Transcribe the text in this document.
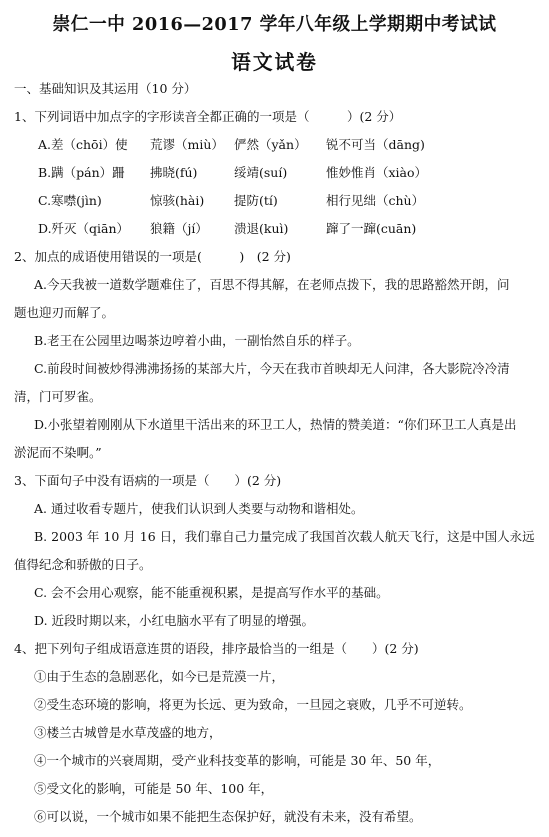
崇仁一中 2016—2017 学年八年级上学期期中考试试
语文试卷
一、基础知识及其运用（10 分）
1、下列词语中加点字的字形读音全都正确的一项是（　　　）(2 分）
A.差（chōi）使 荒谬（miù） 俨然（yǎn） 锐不可当（dāng)
B.蹒（pán）跚 拂晓(fú)	绥靖(suí)	惟妙惟肖（xiào）
C.寒噤(jìn)	惊骇(hài) 提防(tí)	相行见绌（chù）
D.歼灭（qiān） 狼籍（jí） 溃退(kuì)	蹿了一蹿(cuān)
2、加点的成语使用错误的一项是(　　　)　(2 分)
A.今天我被一道数学题难住了，百思不得其解，在老师点拨下，我的思路豁然开朗，问
题也迎刃而解了。
B.老王在公园里边喝茶边哼着小曲，一副怡然自乐的样子。
C.前段时间被炒得沸沸扬扬的某部大片，今天在我市首映却无人问津，各大影院冷冷清
清，门可罗雀。
D.小张望着刚刚从下水道里干活出来的环卫工人，热情的赞美道：“你们环卫工人真是出
淤泥而不染啊。”
3、下面句子中没有语病的一项是（　　）(2 分)
A. 通过收看专题片，使我们认识到人类要与动物和谐相处。
B. 2003 年 10 月 16 日，我们靠自己力量完成了我国首次载人航天飞行，这是中国人永远
值得纪念和骄傲的日子。
C. 会不会用心观察，能不能重视积累，是提高写作水平的基础。
D. 近段时期以来，小红电脑水平有了明显的增强。
4、把下列句子组成语意连贯的语段，排序最恰当的一组是（　　）(2 分)
①由于生态的急剧恶化，如今已是荒漠一片，
②受生态环境的影响，将更为长远、更为致命，一旦园之衰败，几乎不可逆转。
③楼兰古城曾是水草茂盛的地方，
④一个城市的兴衰周期，受产业科技变革的影响，可能是 30 年、50 年，
⑤受文化的影响，可能是 50 年、100 年，
⑥可以说，一个城市如果不能把生态保护好，就没有未来，没有希望。
